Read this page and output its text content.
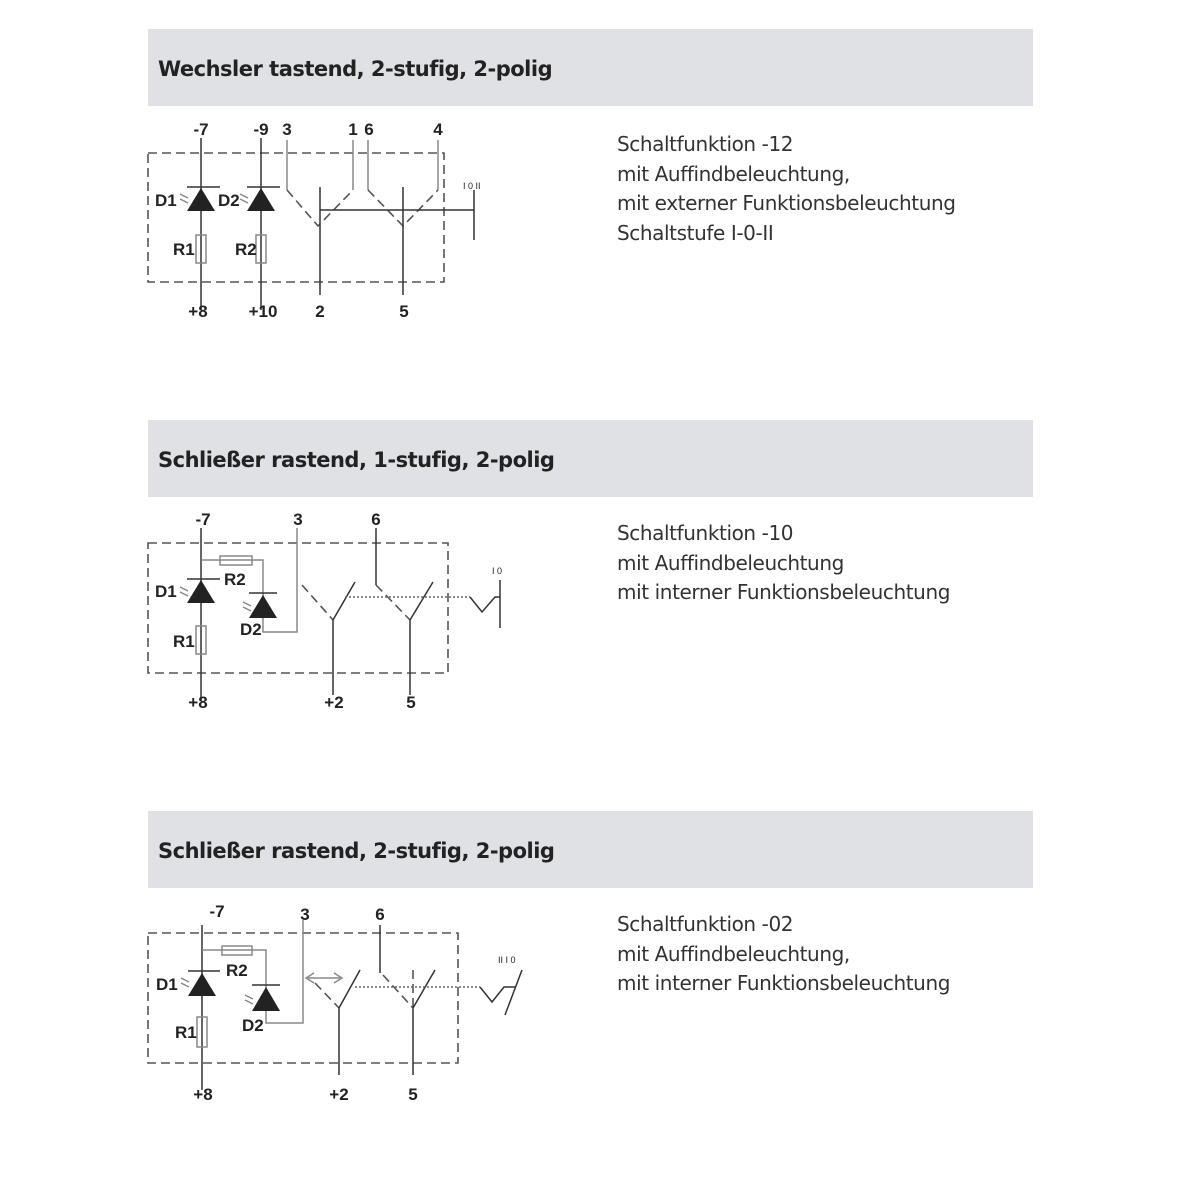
Wechsler tastend, 2-stufig, 2-polig
Schaltfunktion -12
mit Auffindbeleuchtung,
mit externer Funktionsbeleuchtung
Schaltstufe I-0-II
-7	-9 3	1 6	4
+8 +10 2	5
D1 D2
R1 R2
I 0 II
Schließer rastend, 1-stufig, 2-polig
Schaltfunktion -10
mit Auffindbeleuchtung
mit interner Funktionsbeleuchtung
-7	3	6
+8	+2	5
D1
D2
R1
R2	I 0
Schließer rastend, 2-stufig, 2-polig
Schaltfunktion -02
mit Auffindbeleuchtung,
mit interner Funktionsbeleuchtung
-7	3	6
+8	+2	5
D1
D2
R1
R2
II I 0
